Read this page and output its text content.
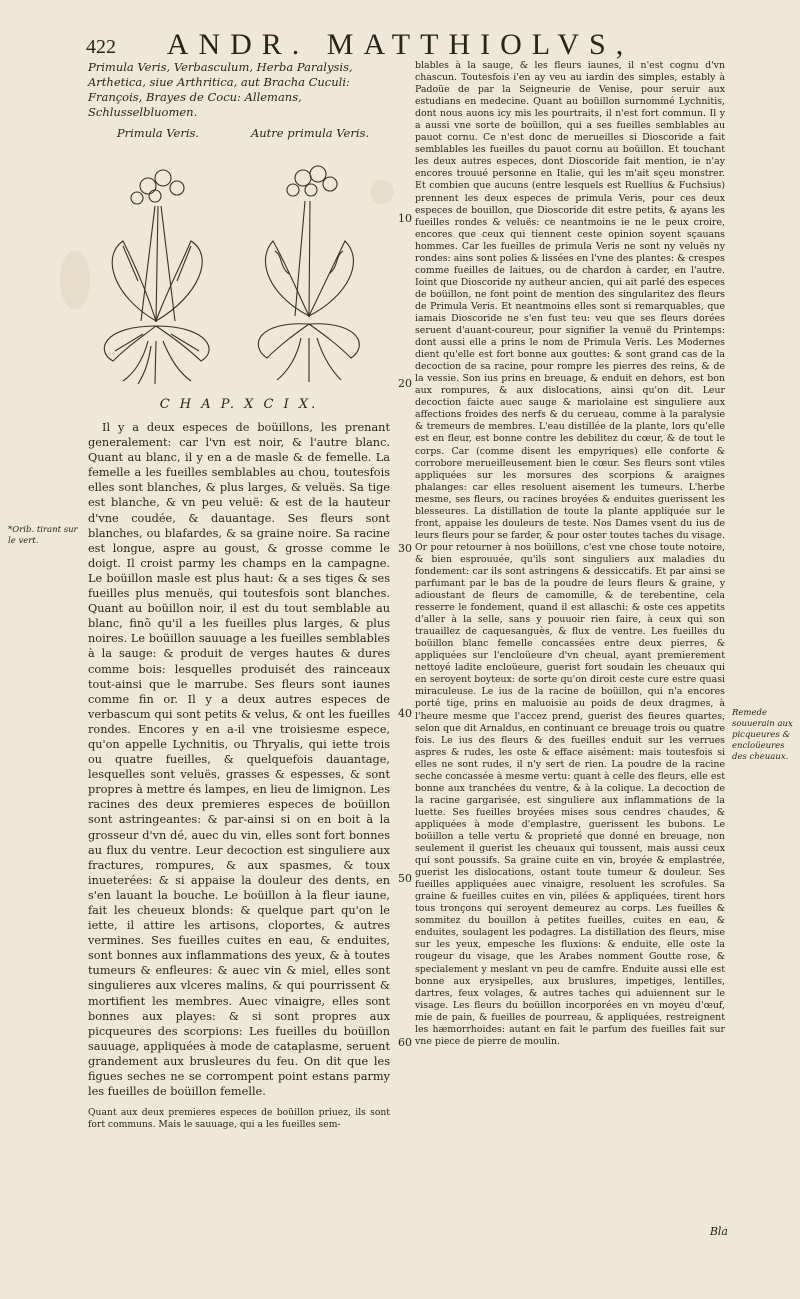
422	ANDR. MATTHIOLVS,
*Orib. tirant sur le vert.
Remede souuerain aux picqueures & encloüeures des cheuaux.
10
20
30
40
50
60
Primula Veris, Verbasculum, Herba Paralysis, Arthetica, siue Arthritica, aut Bracha Cuculi: François, Brayes de Cocu: Allemans, Schlusselbluomen.
Primula Veris.	Autre primula Veris.
C H A P. X C I X.

Il y a deux especes de boüillons, les prenant generalement: car l'vn est noir, & l'autre blanc. Quant au blanc, il y en a de masle & de femelle. La femelle a les fueilles semblables au chou, toutesfois elles sont blanches, & plus larges, & veluës. Sa tige est blanche, & vn peu veluë: & est de la hauteur d'vne coudée, & dauantage. Ses fleurs sont blanches, ou blafardes, & sa graine noire. Sa racine est longue, aspre au goust, & grosse comme le doigt. Il croist parmy les champs en la campagne. Le boüillon masle est plus haut: & a ses tiges & ses fueilles plus menuës, qui toutesfois sont blanches. Quant au boüillon noir, il est du tout semblable au blanc, finõ qu'il a les fueilles plus larges, & plus noires. Le boüillon sauuage a les fueilles semblables à la sauge: & produit de verges hautes & dures comme bois: lesquelles produisét des rainceaux tout-ainsi que le marrube. Ses fleurs sont iaunes comme fin or. Il y a deux autres especes de verbascum qui sont petits & velus, & ont les fueilles rondes. Encores y en a-il vne troisiesme espece, qu'on appelle Lychnitis, ou Thryalis, qui iette trois ou quatre fueilles, & quelquefois dauantage, lesquelles sont veluës, grasses & espesses, & sont propres à mettre és lampes, en lieu de limignon. Les racines des deux premieres especes de boüillon sont astringeantes: & par-ainsi si on en boit à la grosseur d'vn dé, auec du vin, elles sont fort bonnes au flux du ventre. Leur decoction est singuliere aux fractures, rompures, & aux spasmes, & toux inueterées: & si appaise la douleur des dents, en s'en lauant la bouche. Le boüillon à la fleur iaune, fait les cheueux blonds: & quelque part qu'on le iette, il attire les artisons, cloportes, & autres vermines. Ses fueilles cuites en eau, & enduites, sont bonnes aux inflammations des yeux, & à toutes tumeurs & enfleures: & auec vin & miel, elles sont singulieres aux vlceres malins, & qui pourrissent & mortifient les membres. Auec vinaigre, elles sont bonnes aux playes: & si sont propres aux picqueures des scorpions: Les fueilles du boüillon sauuage, appliquées à mode de cataplasme, seruent grandement aux brusleures du feu. On dit que les figues seches ne se corrompent point estans parmy les fueilles de boüillon femelle.

Quant aux deux premieres especes de boüillon priuez, ils sont fort communs. Mais le sauuage, qui a les fueilles sem-
blables à la sauge, & les fleurs iaunes, il n'est cognu d'vn chascun. Toutesfois i'en ay veu au iardin des simples, estably à Padoüe de par la Seigneurie de Venise, pour seruir aux estudians en medecine. Quant au boüillon surnommé Lychnitis, dont nous auons icy mis les pourtraits, il n'est fort commun. Il y a aussi vne sorte de boüillon, qui a ses fueilles semblables au pauot cornu. Ce n'est donc de merueilles si Dioscoride a fait semblables les fueilles du pauot cornu au boüillon. Et touchant les deux autres especes, dont Dioscoride fait mention, ie n'ay encores trouué personne en Italie, qui les m'ait sçeu monstrer. Et combien que aucuns (entre lesquels est Ruellius & Fuchsius) prennent les deux especes de primula Veris, pour ces deux especes de bouillon, que Dioscoride dit estre petits, & ayans les fueilles rondes & veluës: ce neantmoins ie ne le peux croire, encores que ceux qui tiennent ceste opinion soyent sçauans hommes. Car les fueilles de primula Veris ne sont ny veluës ny rondes: ains sont polies & lissées en l'vne des plantes: & crespes comme fueilles de laitues, ou de chardon à carder, en l'autre. Ioint que Dioscoride ny autheur ancien, qui ait parlé des especes de boüillon, ne font point de mention des singularitez des fleurs de Primula Veris. Et neantmoins elles sont si remarquables, que iamais Dioscoride ne s'en fust teu: veu que ses fleurs dorées seruent d'auant-coureur, pour signifier la venuë du Printemps: dont aussi elle a prins le nom de Primula Veris. Les Modernes dient qu'elle est fort bonne aux gouttes: & sont grand cas de la decoction de sa racine, pour rompre les pierres des reins, & de la vessie. Son ius prins en breuage, & enduit en dehors, est bon aux rompures, & aux dislocations, ainsi qu'on dit. Leur decoction faicte auec sauge & mariolaine est singuliere aux affections froides des nerfs & du cerueau, comme à la paralysie & tremeurs de membres. L'eau distillée de la plante, lors qu'elle est en fleur, est bonne contre les debilitez du cœur, & de tout le corps. Car (comme disent les empyriques) elle conforte & corrobore merueilleusement bien le cœur. Ses fleurs sont vtiles appliquées sur les morsures des scorpions & araignes phalanges: car elles resoluent aisement les tumeurs. L'herbe mesme, ses fleurs, ou racines broyées & enduites guerissent les blesseures. La distillation de toute la plante appliquée sur le front, appaise les douleurs de teste. Nos Dames vsent du ius de leurs fleurs pour se farder, & pour oster toutes taches du visage. Or pour retourner à nos boüillons, c'est vne chose toute notoire, & bien esprouuée, qu'ils sont singuliers aux maladies du fondement: car ils sont astringens & dessiccatifs. Et par ainsi se parfumant par le bas de la poudre de leurs fleurs & graine, y adioustant de fleurs de camomille, & de terebentine, cela resserre le fondement, quand il est allaschi: & oste ces appetits d'aller à la selle, sans y pouuoir rien faire, à ceux qui son trauaillez de caquesanguès, & flux de ventre. Les fueilles du boüillon blanc femelle concassées entre deux pierres, & appliquées sur l'encloüeure d'vn cheual, ayant premierement nettoyé ladite encloüeure, guerist fort soudain les cheuaux qui en seroyent boyteux: de sorte qu'on diroit ceste cure estre quasi miraculeuse. Le ius de la racine de boüillon, qui n'a encores porté tige, prins en maluoisie au poids de deux dragmes, à l'heure mesme que l'accez prend, guerist des fieures quartes, selon que dit Arnaldus, en continuant ce breuage trois ou quatre fois. Le ius des fleurs & des fueilles enduit sur les verrues aspres & rudes, les oste & efface aisément: mais toutesfois si elles ne sont rudes, il n'y sert de rien. La poudre de la racine seche concassée à mesme vertu: quant à celle des fleurs, elle est bonne aux tranchées du ventre, & à la colique. La decoction de la racine gargarisée, est singuliere aux inflammations de la luette. Ses fueilles broyées mises sous cendres chaudes, & appliquées à mode d'emplastre, guerissent les bubons. Le boüillon a telle vertu & proprieté que donné en breuage, non seulement il guerist les cheuaux qui toussent, mais aussi ceux qui sont poussifs. Sa graine cuite en vin, broyée & emplastrée, guerist les dislocations, ostant toute tumeur & douleur. Ses fueilles appliquées auec vinaigre, resoluent les scrofules. Sa graine & fueilles cuites en vin, pilées & appliquées, tirent hors tous tronçons qui seroyent demeurez au corps. Les fueilles & sommitez du bouillon à petites fueilles, cuites en eau, & enduites, soulagent les podagres. La distillation des fleurs, mise sur les yeux, empesche les fluxions: & enduite, elle oste la rougeur du visage, que les Arabes nomment Goutte rose, & specialement y meslant vn peu de camfre. Enduite aussi elle est bonne aux erysipelles, aux bruslures, impetiges, lentilles, dartres, feux volages, & autres taches qui aduiennent sur le visage. Les fleurs du boüillon incorporées en vn moyeu d'œuf, mie de pain, & fueilles de pourreau, & appliquées, restreignent les hæmorrhoides: autant en fait le parfum des fueilles fait sur vne piece de pierre de moulin.
Bla
